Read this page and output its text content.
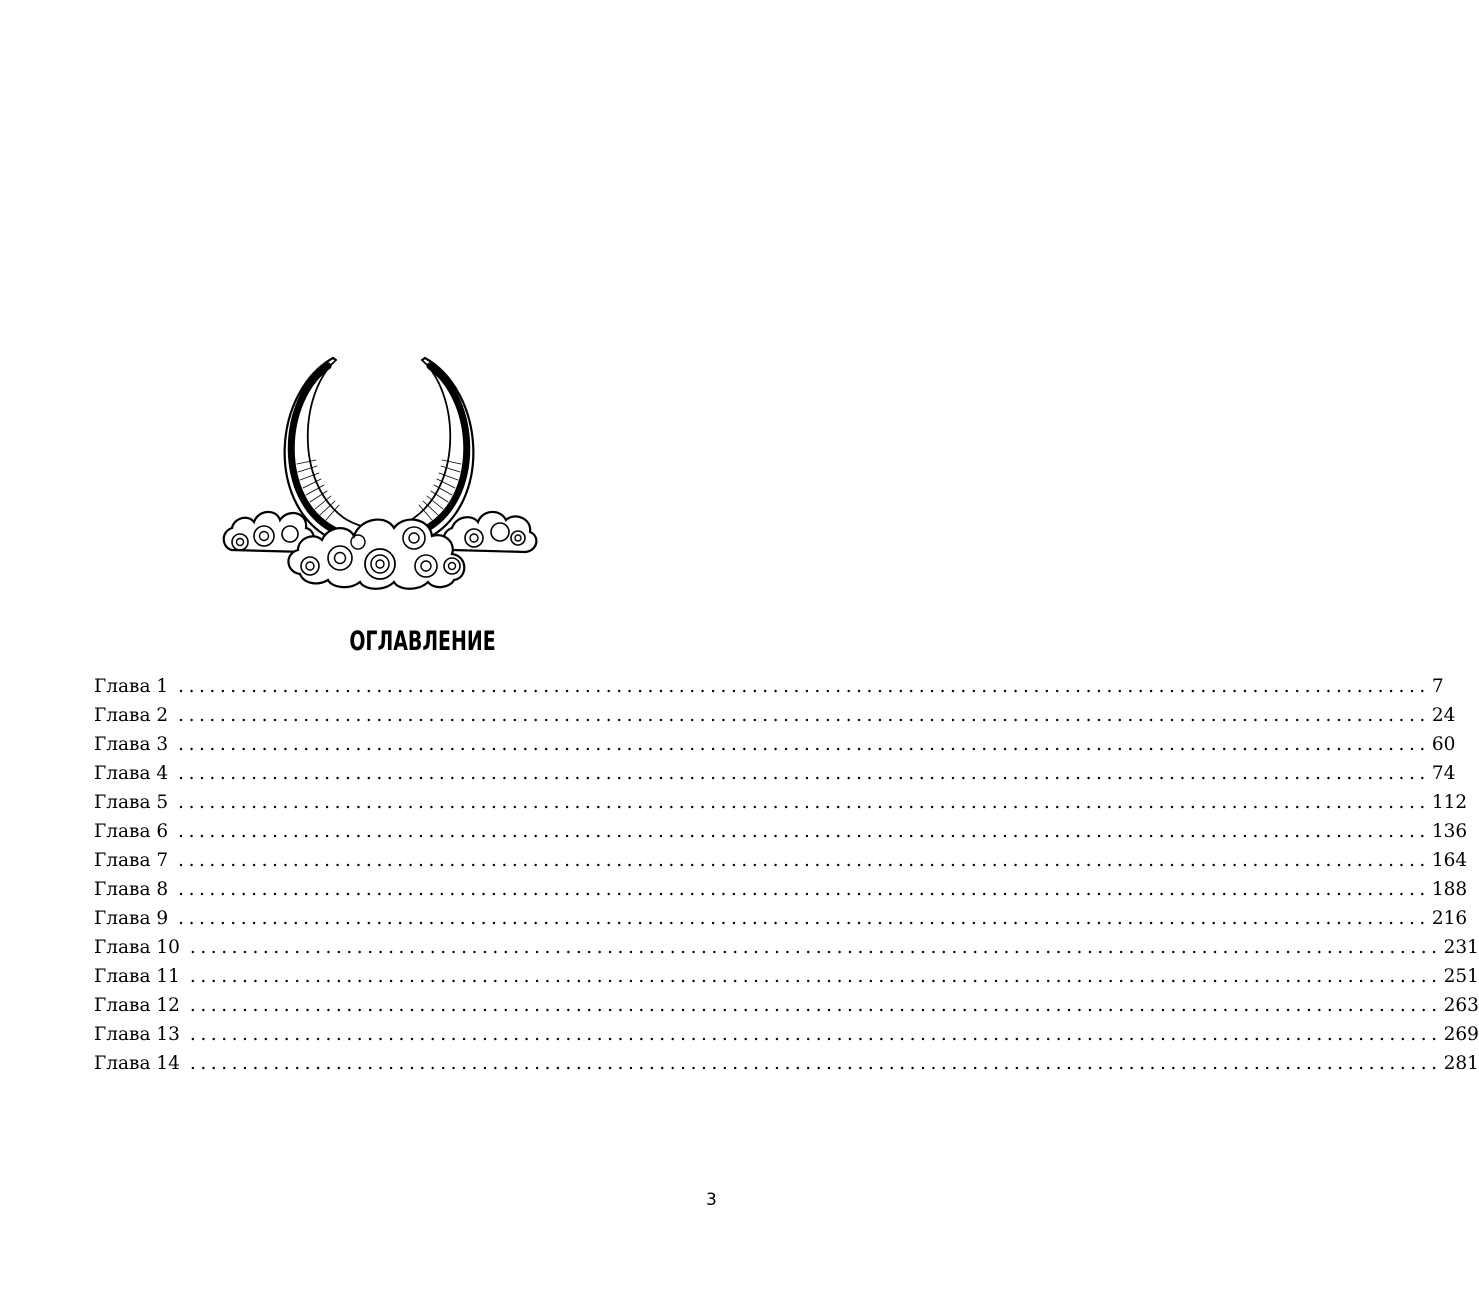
ОГЛАВЛЕНИЕ
Глава 1 ........................................................................................................................ 7
Глава 2 ........................................................................................................................ 24
Глава 3 ........................................................................................................................ 60
Глава 4 ........................................................................................................................ 74
Глава 5 ........................................................................................................................ 112
Глава 6 ........................................................................................................................ 136
Глава 7 ........................................................................................................................ 164
Глава 8 ........................................................................................................................ 188
Глава 9 ........................................................................................................................ 216
Глава 10 ........................................................................................................................ 231
Глава 11 ........................................................................................................................ 251
Глава 12 ........................................................................................................................ 263
Глава 13 ........................................................................................................................ 269
Глава 14 ........................................................................................................................ 281
3
